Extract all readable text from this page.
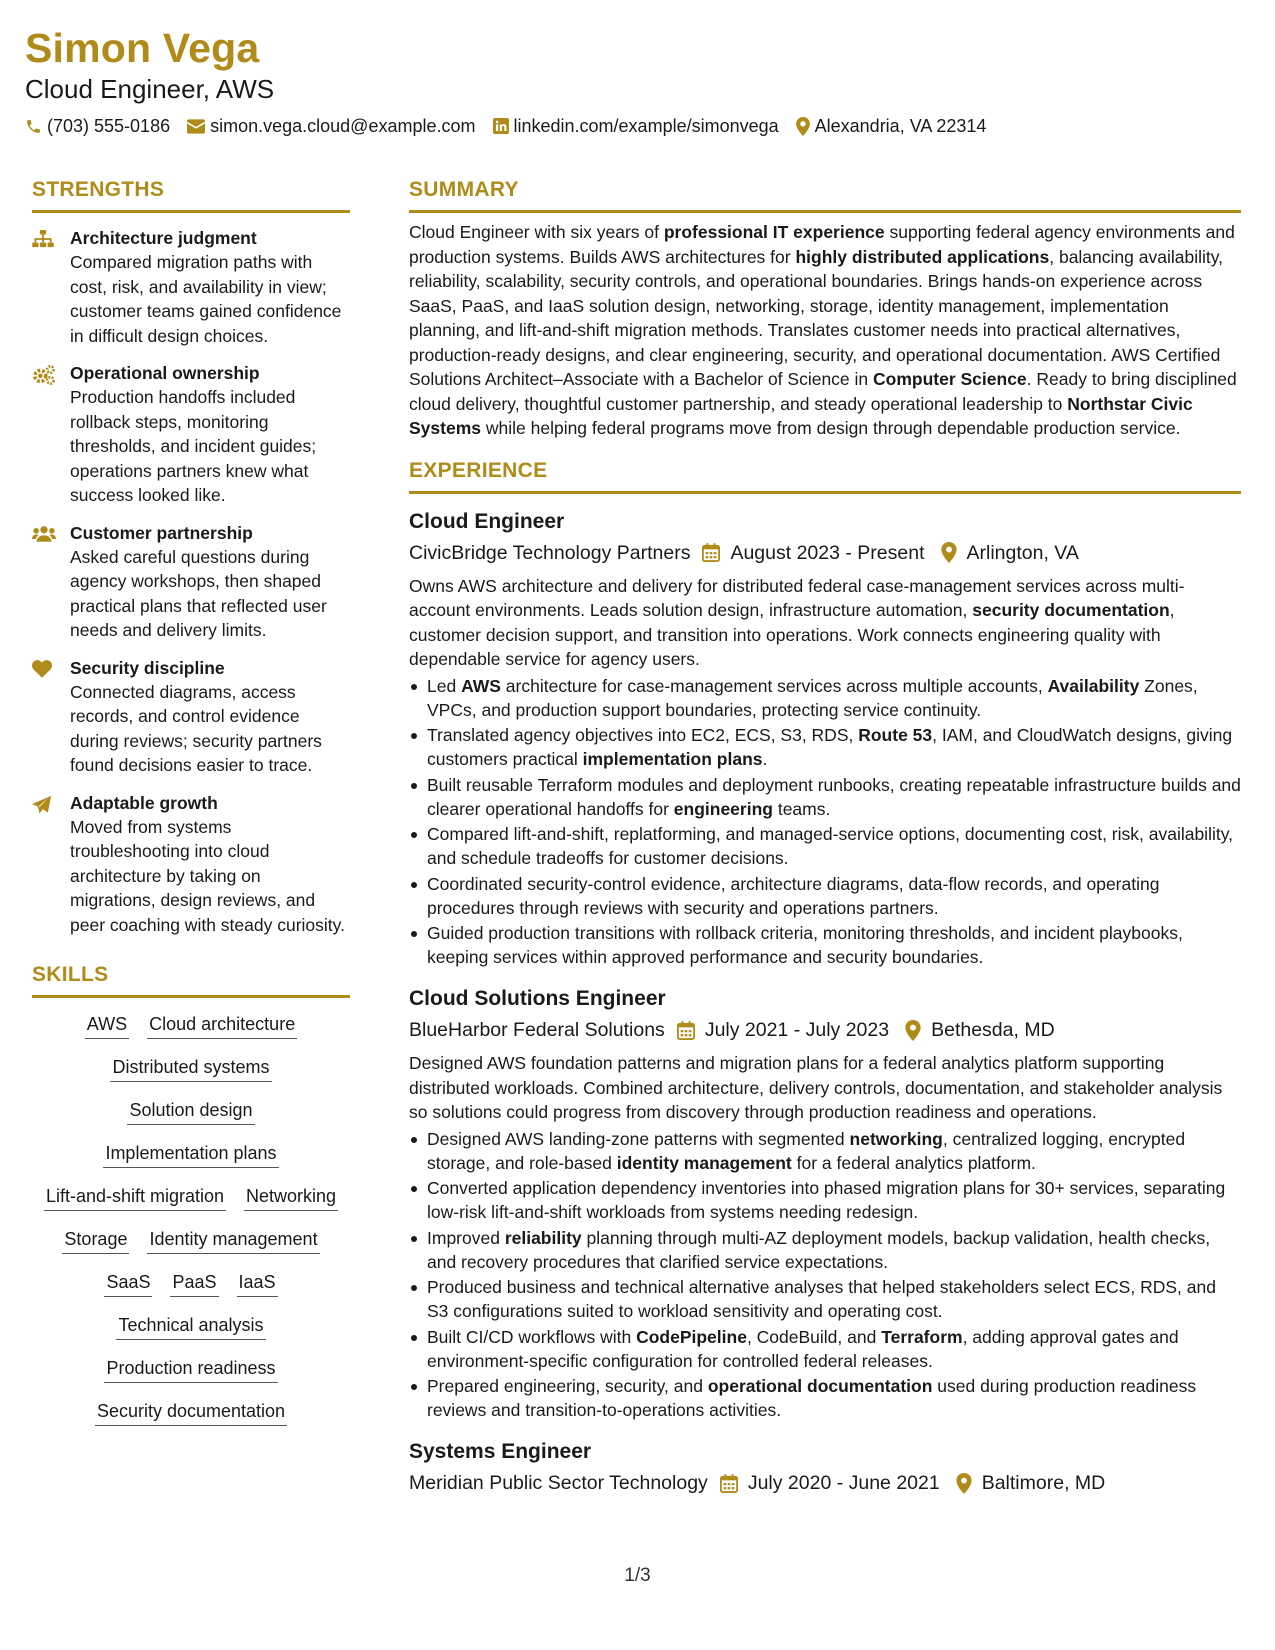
Simon Vega
Cloud Engineer, AWS
(703) 555-0186 simon.vega.cloud@example.com linkedin.com/example/simonvega Alexandria, VA 22314
STRENGTHS
Architecture judgment
Compared migration paths with cost, risk, and availability in view; customer teams gained confidence in difficult design choices.
Operational ownership
Production handoffs included rollback steps, monitoring thresholds, and incident guides; operations partners knew what success looked like.
Customer partnership
Asked careful questions during agency workshops, then shaped practical plans that reflected user needs and delivery limits.
Security discipline
Connected diagrams, access records, and control evidence during reviews; security partners found decisions easier to trace.
Adaptable growth
Moved from systems troubleshooting into cloud architecture by taking on migrations, design reviews, and peer coaching with steady curiosity.
SKILLS
AWS Cloud architecture
Distributed systems
Solution design
Implementation plans
Lift-and-shift migration Networking
Storage Identity management
SaaS PaaS IaaS
Technical analysis
Production readiness
Security documentation
SUMMARY
Cloud Engineer with six years of professional IT experience supporting federal agency environments and production systems. Builds AWS architectures for highly distributed applications, balancing availability, reliability, scalability, security controls, and operational boundaries. Brings hands-on experience across SaaS, PaaS, and IaaS solution design, networking, storage, identity management, implementation planning, and lift-and-shift migration methods. Translates customer needs into practical alternatives, production-ready designs, and clear engineering, security, and operational documentation. AWS Certified Solutions Architect–Associate with a Bachelor of Science in Computer Science. Ready to bring disciplined cloud delivery, thoughtful customer partnership, and steady operational leadership to Northstar Civic Systems while helping federal programs move from design through dependable production service.
EXPERIENCE
Cloud Engineer
CivicBridge Technology Partners August 2023 - Present Arlington, VA
Owns AWS architecture and delivery for distributed federal case-management services across multi-account environments. Leads solution design, infrastructure automation, security documentation, customer decision support, and transition into operations. Work connects engineering quality with dependable service for agency users.
Led AWS architecture for case-management services across multiple accounts, Availability Zones, VPCs, and production support boundaries, protecting service continuity.
Translated agency objectives into EC2, ECS, S3, RDS, Route 53, IAM, and CloudWatch designs, giving customers practical implementation plans.
Built reusable Terraform modules and deployment runbooks, creating repeatable infrastructure builds and clearer operational handoffs for engineering teams.
Compared lift-and-shift, replatforming, and managed-service options, documenting cost, risk, availability, and schedule tradeoffs for customer decisions.
Coordinated security-control evidence, architecture diagrams, data-flow records, and operating procedures through reviews with security and operations partners.
Guided production transitions with rollback criteria, monitoring thresholds, and incident playbooks, keeping services within approved performance and security boundaries.
Cloud Solutions Engineer
BlueHarbor Federal Solutions July 2021 - July 2023 Bethesda, MD
Designed AWS foundation patterns and migration plans for a federal analytics platform supporting distributed workloads. Combined architecture, delivery controls, documentation, and stakeholder analysis so solutions could progress from discovery through production readiness and operations.
Designed AWS landing-zone patterns with segmented networking, centralized logging, encrypted storage, and role-based identity management for a federal analytics platform.
Converted application dependency inventories into phased migration plans for 30+ services, separating low-risk lift-and-shift workloads from systems needing redesign.
Improved reliability planning through multi-AZ deployment models, backup validation, health checks, and recovery procedures that clarified service expectations.
Produced business and technical alternative analyses that helped stakeholders select ECS, RDS, and S3 configurations suited to workload sensitivity and operating cost.
Built CI/CD workflows with CodePipeline, CodeBuild, and Terraform, adding approval gates and environment-specific configuration for controlled federal releases.
Prepared engineering, security, and operational documentation used during production readiness reviews and transition-to-operations activities.
Systems Engineer
Meridian Public Sector Technology July 2020 - June 2021 Baltimore, MD
1/3
